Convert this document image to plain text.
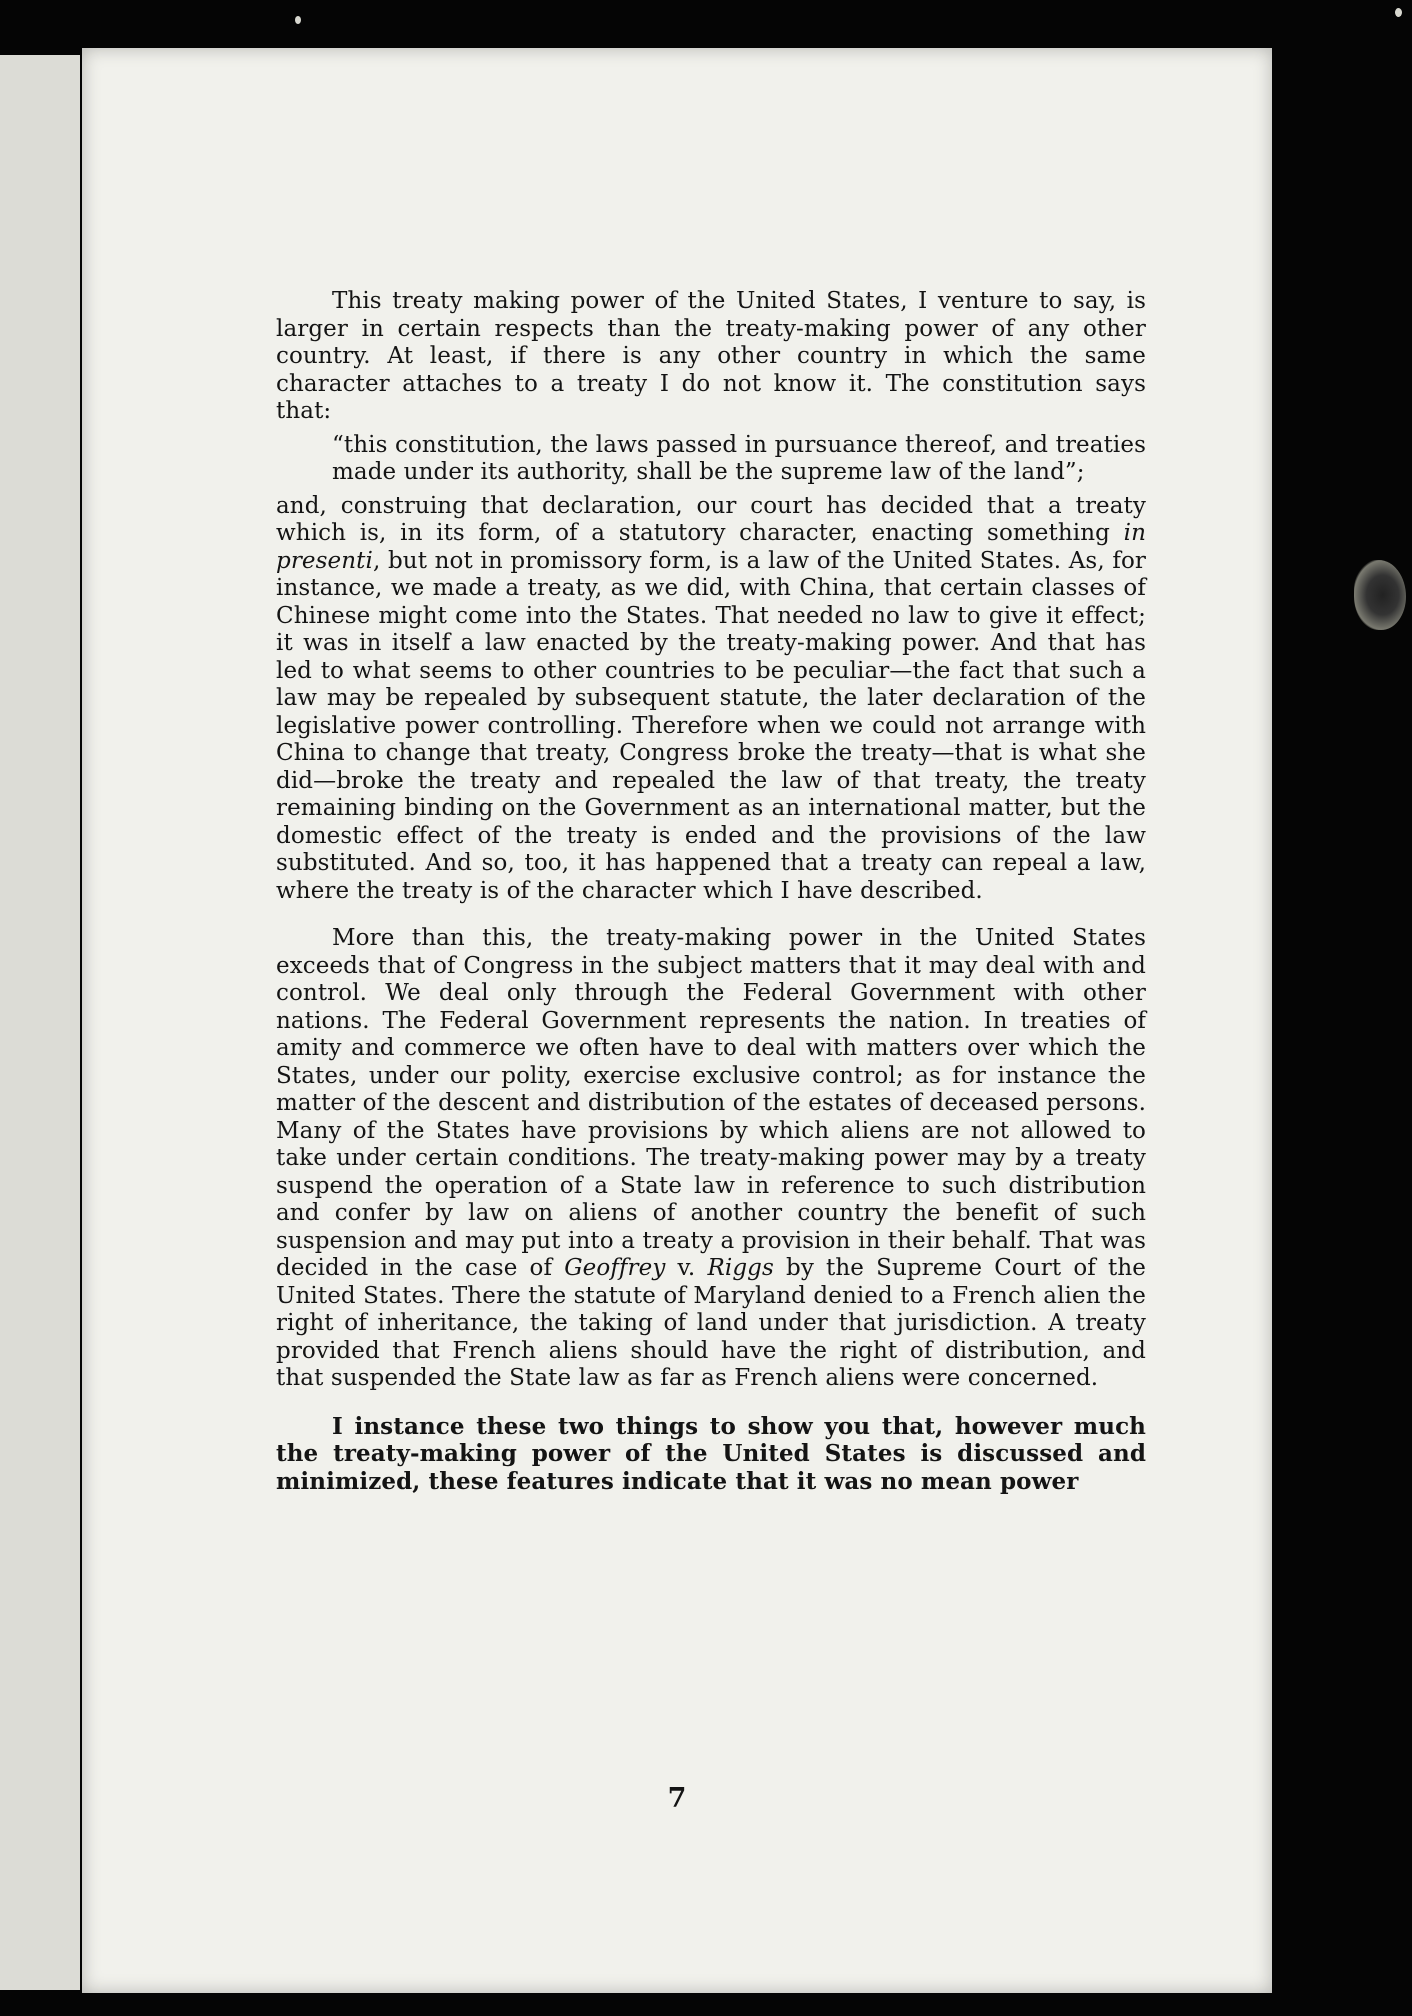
This treaty making power of the United States, I venture to say, is larger in certain respects than the treaty-making power of any other country. At least, if there is any other country in which the same character attaches to a treaty I do not know it. The constitution says that:

“this constitution, the laws passed in pursuance thereof, and treaties made under its authority, shall be the supreme law of the land”;

and, construing that declaration, our court has decided that a treaty which is, in its form, of a statutory character, enacting something in presenti, but not in promissory form, is a law of the United States. As, for instance, we made a treaty, as we did, with China, that certain classes of Chinese might come into the States. That needed no law to give it effect; it was in itself a law enacted by the treaty-making power. And that has led to what seems to other countries to be peculiar—the fact that such a law may be repealed by subsequent statute, the later declaration of the legislative power controlling. Therefore when we could not arrange with China to change that treaty, Congress broke the treaty—that is what she did—broke the treaty and repealed the law of that treaty, the treaty remaining binding on the Government as an international matter, but the domestic effect of the treaty is ended and the provisions of the law substituted. And so, too, it has happened that a treaty can repeal a law, where the treaty is of the character which I have described.

More than this, the treaty-making power in the United States exceeds that of Congress in the subject matters that it may deal with and control. We deal only through the Federal Government with other nations. The Federal Government represents the nation. In treaties of amity and commerce we often have to deal with matters over which the States, under our polity, exercise exclusive control; as for instance the matter of the descent and distribution of the estates of deceased persons. Many of the States have provisions by which aliens are not allowed to take under certain conditions. The treaty-making power may by a treaty suspend the operation of a State law in reference to such distribution and confer by law on aliens of another country the benefit of such suspension and may put into a treaty a provision in their behalf. That was decided in the case of Geoffrey v. Riggs by the Supreme Court of the United States. There the statute of Maryland denied to a French alien the right of inheritance, the taking of land under that jurisdiction. A treaty provided that French aliens should have the right of distribution, and that suspended the State law as far as French aliens were concerned.

I instance these two things to show you that, however much the treaty-making power of the United States is discussed and minimized, these features indicate that it was no mean power

7
